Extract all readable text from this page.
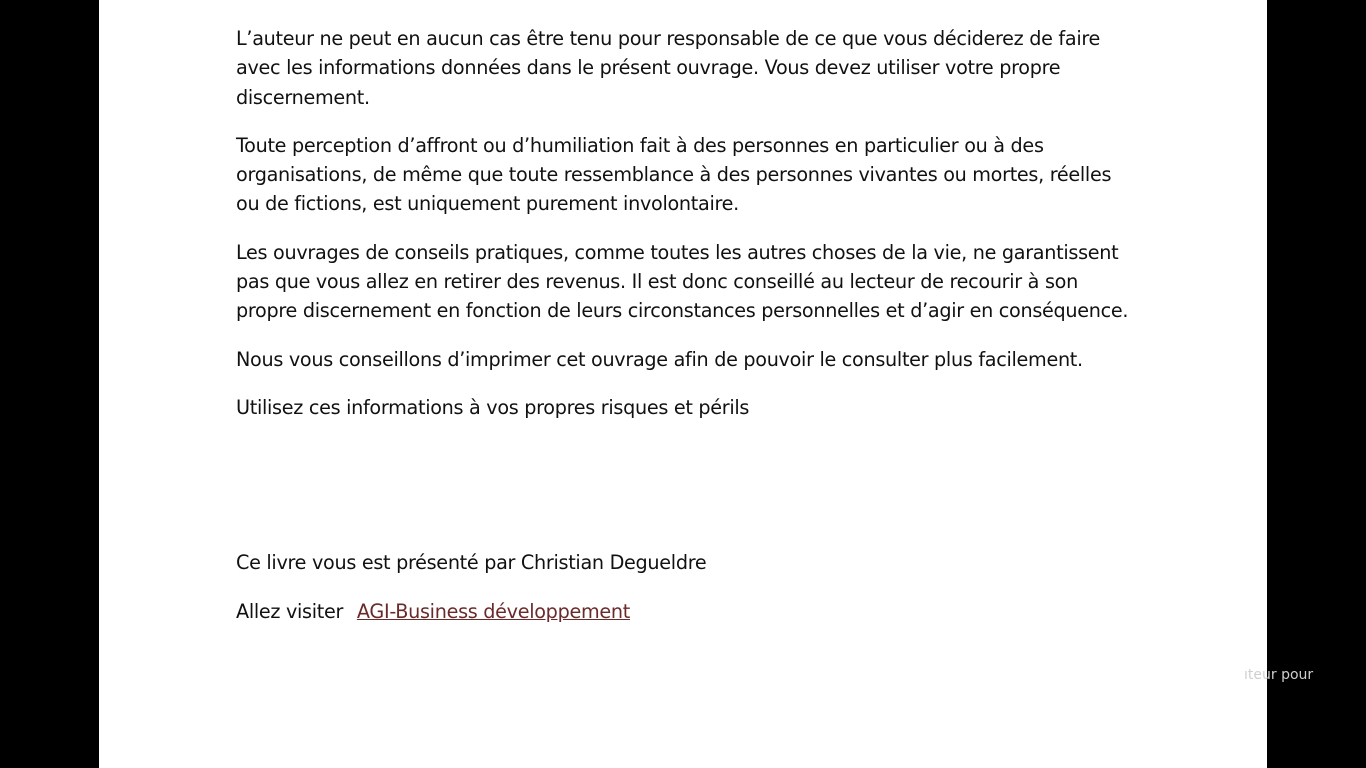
L’auteur ne peut en aucun cas être tenu pour responsable de ce que vous déciderez de faire avec les informations données dans le présent ouvrage. Vous devez utiliser votre propre discernement.

Toute perception d’affront ou d’humiliation fait à des personnes en particulier ou à des organisations, de même que toute ressemblance à des personnes vivantes ou mortes, réelles ou de fictions, est uniquement purement involontaire.

Les ouvrages de conseils pratiques, comme toutes les autres choses de la vie, ne garantissent pas que vous allez en retirer des revenus. Il est donc conseillé au lecteur de recourir à son propre discernement en fonction de leurs circonstances personnelles et d’agir en conséquence.

Nous vous conseillons d’imprimer cet ouvrage afin de pouvoir le consulter plus facilement.

Utilisez ces informations à vos propres risques et périls

Ce livre vous est présenté par Christian Degueldre

Allez visiter AGI-Business développement

ıteur pour
